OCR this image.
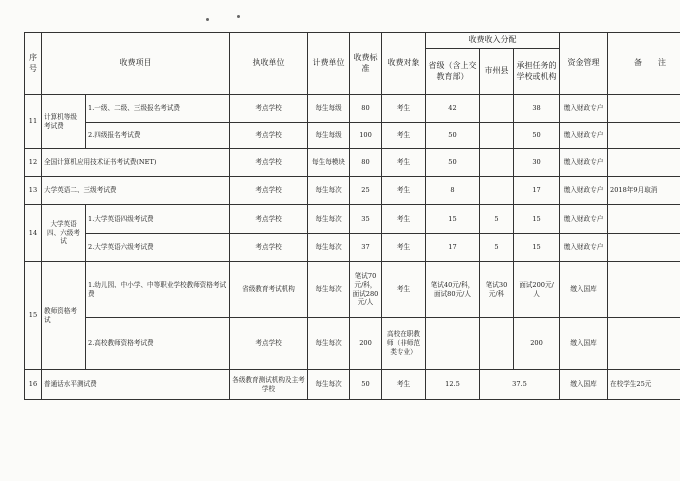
序号	收费项目		执收单位	计费单位	收费标准	收费对象	收费收入分配			资金管理	备　　注
							省级（含上交教育部）	市州县	承担任务的学校或机构		
11	计算机等级考试费	1.一级、二级、三级报名考试费	考点学校	每生每级	80	考生	42		38	缴入财政专户	
		2.四级报名考试费	考点学校	每生每级	100	考生	50		50	缴入财政专户	
12	全国计算机应用技术证书考试费(NET)		考点学校	每生每模块	80	考生	50		30	缴入财政专户	
13	大学英语二、三级考试费		考点学校	每生每次	25	考生	8		17	缴入财政专户	2018年9月取消
14	大学英语四、六级考试	1.大学英语四级考试费	考点学校	每生每次	35	考生	15	5	15	缴入财政专户	
		2.大学英语六级考试费	考点学校	每生每次	37	考生	17	5	15	缴入财政专户	
15	教师资格考试	1.幼儿园、中小学、中等职业学校教师资格考试费	省级教育考试机构	每生每次	笔试70元/科，面试280元/人	考生	笔试40元/科，面试80元/人	笔试30元/科	面试200元/人	缴入国库	
		2.高校教师资格考试费	考点学校	每生每次	200	高校在职教师（非师范类专业）			200	缴入国库	
16	普通话水平测试费		各级教育测试机构及主考学校	每生每次	50	考生	12.5	37.5		缴入国库	在校学生25元
